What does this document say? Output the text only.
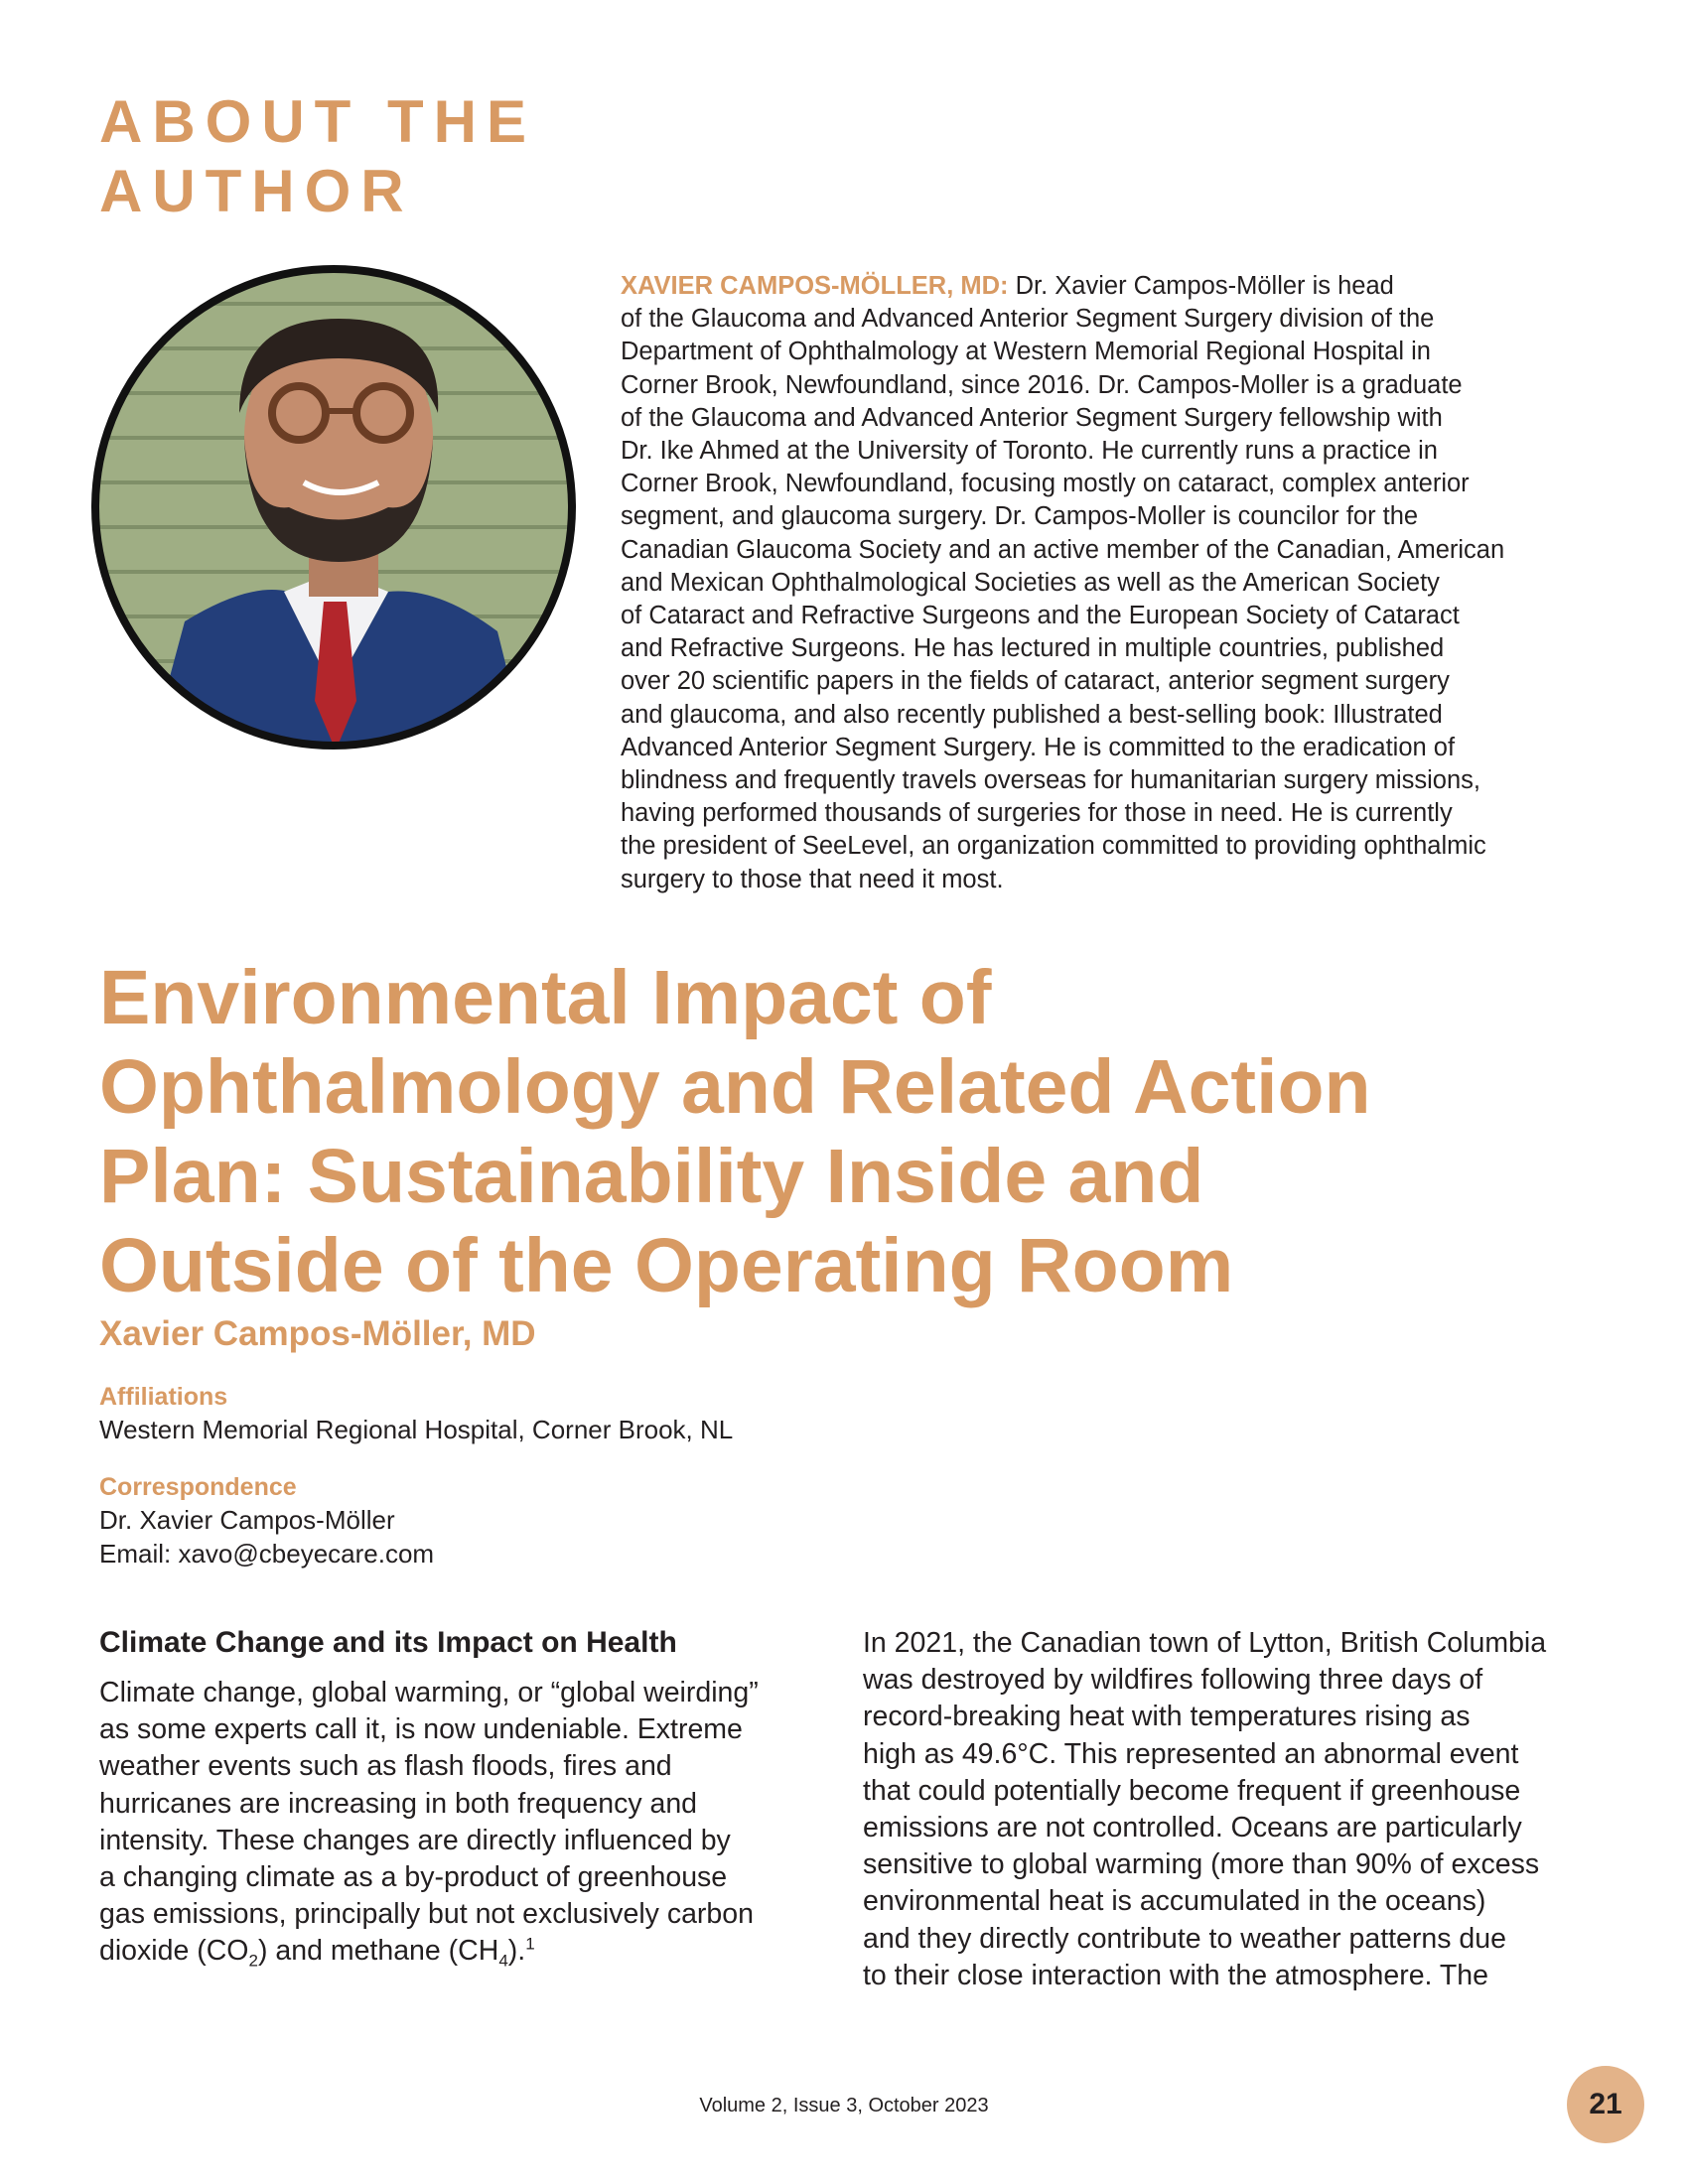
ABOUT THE
AUTHOR

XAVIER CAMPOS-MÖLLER, MD: Dr. Xavier Campos-Möller is head
of the Glaucoma and Advanced Anterior Segment Surgery division of the
Department of Ophthalmology at Western Memorial Regional Hospital in
Corner Brook, Newfoundland, since 2016. Dr. Campos-Moller is a graduate
of the Glaucoma and Advanced Anterior Segment Surgery fellowship with
Dr. Ike Ahmed at the University of Toronto. He currently runs a practice in
Corner Brook, Newfoundland, focusing mostly on cataract, complex anterior
segment, and glaucoma surgery. Dr. Campos-Moller is councilor for the
Canadian Glaucoma Society and an active member of the Canadian, American
and Mexican Ophthalmological Societies as well as the American Society
of Cataract and Refractive Surgeons and the European Society of Cataract
and Refractive Surgeons. He has lectured in multiple countries, published
over 20 scientific papers in the fields of cataract, anterior segment surgery
and glaucoma, and also recently published a best-selling book: Illustrated
Advanced Anterior Segment Surgery. He is committed to the eradication of
blindness and frequently travels overseas for humanitarian surgery missions,
having performed thousands of surgeries for those in need. He is currently
the president of SeeLevel, an organization committed to providing ophthalmic
surgery to those that need it most.

Environmental Impact of
Ophthalmology and Related Action
Plan: Sustainability Inside and
Outside of the Operating Room

Xavier Campos-Möller, MD

Affiliations

Western Memorial Regional Hospital, Corner Brook, NL

Correspondence

Dr. Xavier Campos-Möller

Email: xavo@cbeyecare.com

Climate Change and its Impact on Health

Climate change, global warming, or “global weirding”
as some experts call it, is now undeniable. Extreme
weather events such as flash floods, fires and
hurricanes are increasing in both frequency and
intensity. These changes are directly influenced by
a changing climate as a by-product of greenhouse
gas emissions, principally but not exclusively carbon
dioxide $(CO_2)$ and methane $(CH_4).^1$

In 2021, the Canadian town of Lytton, British Columbia
was destroyed by wildfires following three days of
record-breaking heat with temperatures rising as
high as 49.6°C. This represented an abnormal event
that could potentially become frequent if greenhouse
emissions are not controlled. Oceans are particularly
sensitive to global warming (more than 90% of excess
environmental heat is accumulated in the oceans)
and they directly contribute to weather patterns due
to their close interaction with the atmosphere. The

Volume 2, Issue 3, October 2023	21
